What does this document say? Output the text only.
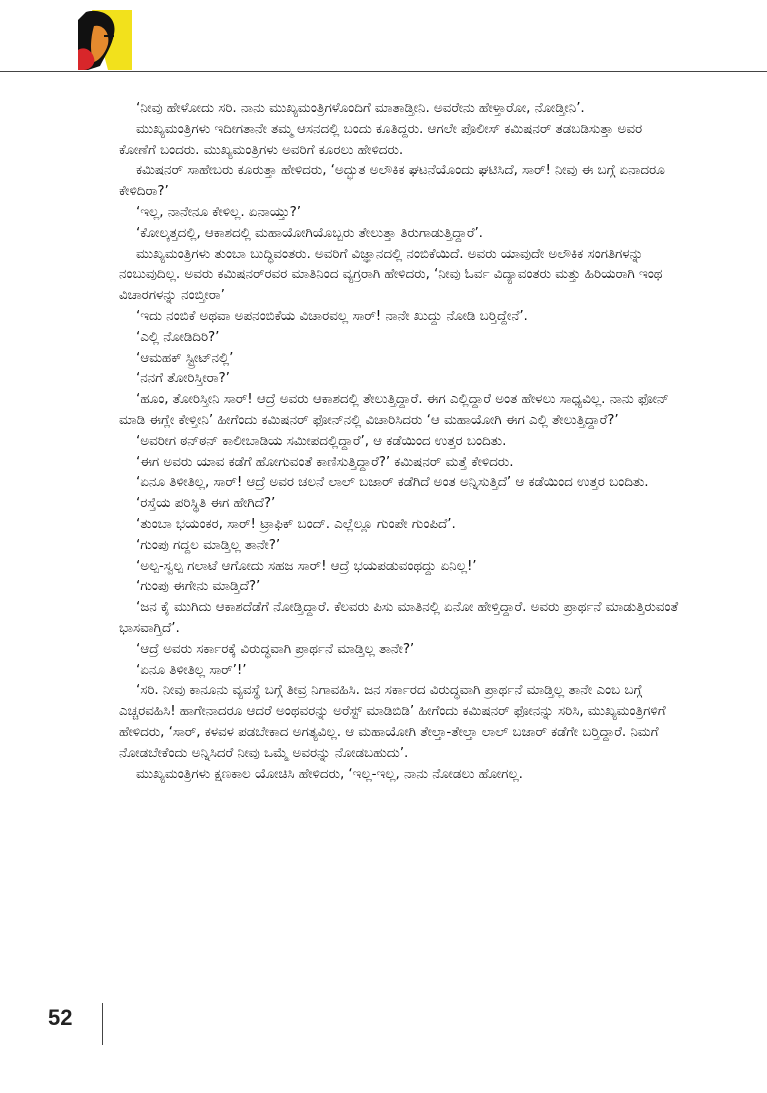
‘ನೀವು ಹೇಳೋದು ಸರಿ. ನಾನು ಮುಖ್ಯಮಂತ್ರಿಗಳೊಂದಿಗೆ ಮಾತಾಡ್ತೀನಿ. ಅವರೇನು ಹೇಳ್ತಾರೋ, ನೋಡ್ತೀನಿ’.

ಮುಖ್ಯಮಂತ್ರಿಗಳು ಇದೀಗತಾನೇ ತಮ್ಮ ಆಸನದಲ್ಲಿ ಬಂದು ಕೂತಿದ್ದರು. ಆಗಲೇ ಪೊಲೀಸ್ ಕಮಿಷನರ್ ತಡಬಡಿಸುತ್ತಾ ಅವರ ಕೋಣೆಗೆ ಬಂದರು. ಮುಖ್ಯಮಂತ್ರಿಗಳು ಅವರಿಗೆ ಕೂರಲು ಹೇಳಿದರು.

ಕಮಿಷನರ್ ಸಾಹೇಬರು ಕೂರುತ್ತಾ ಹೇಳಿದರು, ‘ಅದ್ಭುತ ಅಲೌಕಿಕ ಘಟನೆಯೊಂದು ಘಟಿಸಿದೆ, ಸಾರ್! ನೀವು ಈ ಬಗ್ಗೆ ಏನಾದರೂ ಕೇಳಿದಿರಾ?’

‘ಇಲ್ಲ, ನಾನೇನೂ ಕೇಳಿಲ್ಲ. ಏನಾಯ್ತು?’

‘ಕೋಲ್ಕತ್ತದಲ್ಲಿ, ಆಕಾಶದಲ್ಲಿ ಮಹಾಯೋಗಿಯೊಬ್ಬರು ತೇಲುತ್ತಾ ತಿರುಗಾಡುತ್ತಿದ್ದಾರೆ’.

ಮುಖ್ಯಮಂತ್ರಿಗಳು ತುಂಬಾ ಬುದ್ಧಿವಂತರು. ಅವರಿಗೆ ವಿಜ್ಞಾನದಲ್ಲಿ ನಂಬಿಕೆಯಿದೆ. ಅವರು ಯಾವುದೇ ಅಲೌಕಿಕ ಸಂಗತಿಗಳನ್ನು ನಂಬುವುದಿಲ್ಲ. ಅವರು ಕಮಿಷನರ್‌ರವರ ಮಾತಿನಿಂದ ವ್ಯಗ್ರರಾಗಿ ಹೇಳಿದರು, ‘ನೀವು ಓರ್ವ ವಿದ್ಯಾವಂತರು ಮತ್ತು ಹಿರಿಯರಾಗಿ ಇಂಥ ವಿಚಾರಗಳನ್ನು ನಂಬ್ತೀರಾ’

‘ಇದು ನಂಬಿಕೆ ಅಥವಾ ಅಪನಂಬಿಕೆಯ ವಿಚಾರವಲ್ಲ ಸಾರ್! ನಾನೇ ಖುದ್ದು ನೋಡಿ ಬರ್‍ತಿದ್ದೇನೆ’.

‘ಎಲ್ಲಿ ನೋಡಿದಿರಿ?’

‘ಆಮಹಕ್ ಸ್ಟ್ರೀಟ್‌ನಲ್ಲಿ’

‘ನನಗೆ ತೋರಿಸ್ತೀರಾ?’

‘ಹೂಂ, ತೋರಿಸ್ತೀನಿ ಸಾರ್! ಆದ್ರೆ ಅವರು ಆಕಾಶದಲ್ಲಿ ತೇಲುತ್ತಿದ್ದಾರೆ. ಈಗ ಎಲ್ಲಿದ್ದಾರೆ ಅಂತ ಹೇಳಲು ಸಾಧ್ಯವಿಲ್ಲ. ನಾನು ಫೋನ್ ಮಾಡಿ ಈಗ್ಲೇ ಕೇಳ್ತೀನಿ’ ಹೀಗೆಂದು ಕಮಿಷನರ್ ಫೋನ್‌ನಲ್ಲಿ ವಿಚಾರಿಸಿದರು ‘ಆ ಮಹಾಯೋಗಿ ಈಗ ಎಲ್ಲಿ ತೇಲುತ್ತಿದ್ದಾರೆ?’

‘ಅವರೀಗ ಠನ್‌ಠನ್ ಕಾಲೀಬಾಡಿಯ ಸಮೀಪದಲ್ಲಿದ್ದಾರೆ’, ಆ ಕಡೆಯಿಂದ ಉತ್ತರ ಬಂದಿತು.

‘ಈಗ ಅವರು ಯಾವ ಕಡೆಗೆ ಹೋಗುವಂತೆ ಕಾಣಿಸುತ್ತಿದ್ದಾರೆ?’ ಕಮಿಷನರ್ ಮತ್ತೆ ಕೇಳಿದರು.

‘ಏನೂ ತಿಳೀತಿಲ್ಲ, ಸಾರ್! ಆದ್ರೆ ಅವರ ಚಲನೆ ಲಾಲ್ ಬಜಾರ್ ಕಡೆಗಿದೆ ಅಂತ ಅನ್ನಿಸುತ್ತಿದೆ’ ಆ ಕಡೆಯಿಂದ ಉತ್ತರ ಬಂದಿತು.

‘ರಸ್ತೆಯ ಪರಿಸ್ಥಿತಿ ಈಗ ಹೇಗಿದೆ?’

‘ತುಂಬಾ ಭಯಂಕರ, ಸಾರ್! ಟ್ರಾಫಿಕ್ ಬಂದ್. ಎಲ್ಲೆಲ್ಲೂ ಗುಂಪೇ ಗುಂಪಿದೆ’.

‘ಗುಂಪು ಗದ್ದಲ ಮಾಡ್ತಿಲ್ಲ ತಾನೇ?’

‘ಅಲ್ಪ-ಸ್ವಲ್ಪ ಗಲಾಟೆ ಆಗೋದು ಸಹಜ ಸಾರ್! ಆದ್ರೆ ಭಯಪಡುವಂಥದ್ದು ಏನಿಲ್ಲ!’

‘ಗುಂಪು ಈಗೇನು ಮಾಡ್ತಿದೆ?’

‘ಜನ ಕೈ ಮುಗಿದು ಆಕಾಶದೆಡೆಗೆ ನೋಡ್ತಿದ್ದಾರೆ. ಕೆಲವರು ಪಿಸು ಮಾತಿನಲ್ಲಿ ಏನೋ ಹೇಳ್ತಿದ್ದಾರೆ. ಅವರು ಪ್ರಾರ್ಥನೆ ಮಾಡುತ್ತಿರುವಂತೆ ಭಾಸವಾಗ್ತಿದೆ’.

‘ಆದ್ರೆ ಅವರು ಸರ್ಕಾರಕ್ಕೆ ವಿರುದ್ಧವಾಗಿ ಪ್ರಾರ್ಥನೆ ಮಾಡ್ತಿಲ್ಲ ತಾನೇ?’

‘ಏನೂ ತಿಳೀತಿಲ್ಲ ಸಾರ್’!’

‘ಸರಿ. ನೀವು ಕಾನೂನು ವ್ಯವಸ್ಥೆ ಬಗ್ಗೆ ತೀವ್ರ ನಿಗಾವಹಿಸಿ. ಜನ ಸರ್ಕಾರದ ವಿರುದ್ಧವಾಗಿ ಪ್ರಾರ್ಥನೆ ಮಾಡ್ತಿಲ್ಲ ತಾನೇ ಎಂಬ ಬಗ್ಗೆ ಎಚ್ಚರವಹಿಸಿ! ಹಾಗೇನಾದರೂ ಆದರೆ ಅಂಥವರನ್ನು ಅರೆಸ್ಟ್ ಮಾಡಿಬಿಡಿ’ ಹೀಗೆಂದು ಕಮಿಷನರ್ ಫೋನನ್ನು ಸರಿಸಿ, ಮುಖ್ಯಮಂತ್ರಿಗಳಿಗೆ ಹೇಳಿದರು, ‘ಸಾರ್, ಕಳವಳ ಪಡಬೇಕಾದ ಅಗತ್ಯವಿಲ್ಲ. ಆ ಮಹಾಯೋಗಿ ತೇಲ್ತಾ-ತೇಲ್ತಾ ಲಾಲ್ ಬಜಾರ್ ಕಡೆಗೇ ಬರ್‍ತಿದ್ದಾರೆ. ನಿಮಗೆ ನೋಡಬೇಕೆಂದು ಅನ್ನಿಸಿದರೆ ನೀವು ಒಮ್ಮೆ ಅವರನ್ನು ನೋಡಬಹುದು’.

ಮುಖ್ಯಮಂತ್ರಿಗಳು ಕ್ಷಣಕಾಲ ಯೋಚಿಸಿ ಹೇಳಿದರು, ‘ಇಲ್ಲ-ಇಲ್ಲ, ನಾನು ನೋಡಲು ಹೋಗಲ್ಲ.

52
